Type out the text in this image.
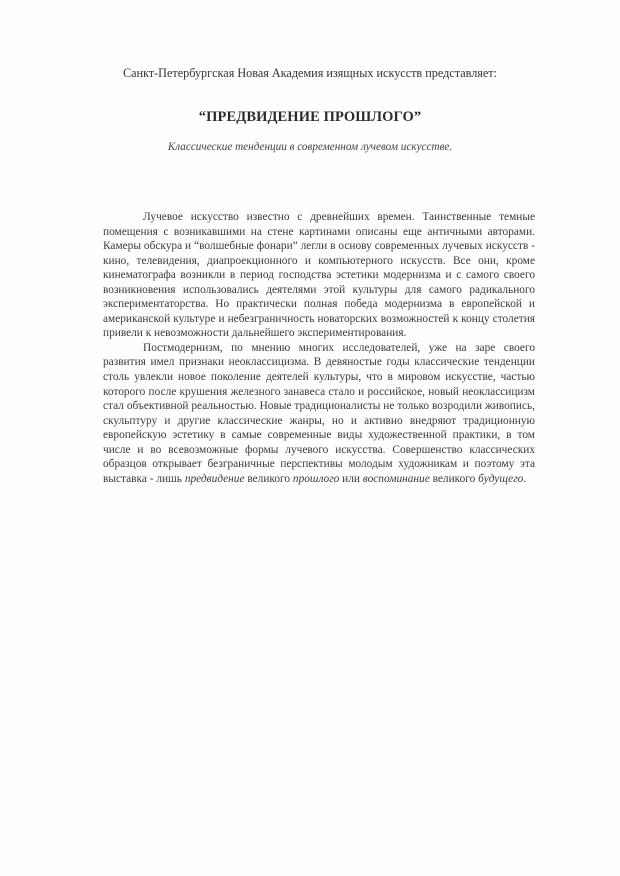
Санкт-Петербургская Новая Академия изящных искусств представляет:
“ПРЕДВИДЕНИЕ ПРОШЛОГО”
Классические тенденции в современном лучевом искусстве.

Лучевое искусство известно с древнейших времен. Таинственные темные помещения с возникавшими на стене картинами описаны еще античными авторами. Камеры обскура и “волшебные фонари” легли в основу современных лучевых искусств - кино, телевидения, диапроекционного и компьютерного искусств. Все они, кроме кинематографа возникли в период господства эстетики модернизма и с самого своего возникновения использовались деятелями этой культуры для самого радикального экспериментаторства. Но практически полная победа модернизма в европейской и американской культуре и небезграничность новаторских возможностей к концу столетия привели к невозможности дальнейшего экспериментирования.

Постмодернизм, по мнению многих исследователей, уже на заре своего развития имел признаки неоклассицизма. В девяностые годы классические тенденции столь увлекли новое поколение деятелей культуры, что в мировом искусстве, частью которого после крушения железного занавеса стало и российское, новый неоклассицизм стал объективной реальностью. Новые традиционалисты не только возродили живопись, скульптуру и другие классические жанры, но и активно внедряют традиционную европейскую эстетику в самые современные виды художественной практики, в том числе и во всевозможные формы лучевого искусства. Совершенство классических образцов открывает безграничные перспективы молодым художникам и поэтому эта выставка - лишь предвидение великого прошлого или воспоминание великого будущего.
